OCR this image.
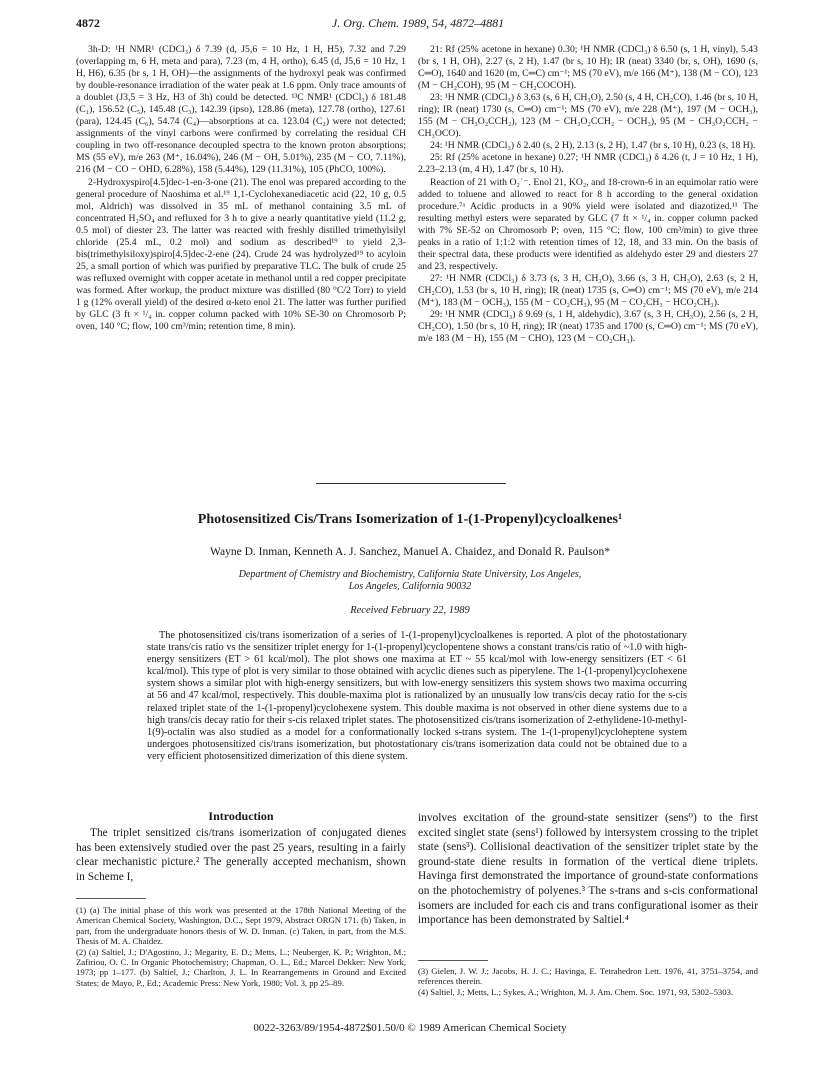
4872	J. Org. Chem. 1989, 54, 4872–4881

3h-D: ¹H NMR¹ (CDCl₃) δ 7.39 (d, J5,6 = 10 Hz, 1 H, H5), 7.32 and 7.29 (overlapping m, 6 H, meta and para), 7.23 (m, 4 H, ortho), 6.45 (d, J5,6 = 10 Hz, 1 H, H6), 6.35 (br s, 1 H, OH)—the assignments of the hydroxyl peak was confirmed by double-resonance irradiation of the water peak at 1.6 ppm. Only trace amounts of a doublet (J3,5 = 3 Hz, H3 of 3h) could be detected. ¹³C NMR¹ (CDCl₃) δ 181.48 (C₁), 156.52 (C₅), 145.48 (C₃), 142.39 (ipso), 128.86 (meta), 127.78 (ortho), 127.61 (para), 124.45 (C₆), 54.74 (C₄)—absorptions at ca. 123.04 (C₂) were not detected; assignments of the vinyl carbons were confirmed by correlating the residual CH coupling in two off-resonance decoupled spectra to the known proton absorptions; MS (55 eV), m/e 263 (M⁺, 16.04%), 246 (M − OH, 5.01%), 235 (M − CO, 7.11%), 216 (M − CO − OHD, 6.28%), 158 (5.44%), 129 (11.31%), 105 (PhCO, 100%).

2-Hydroxyspiro[4.5]dec-1-en-3-one (21). The enol was prepared according to the general procedure of Naoshima et al.¹⁹ 1,1-Cyclohexanediacetic acid (22, 10 g, 0.5 mol, Aldrich) was dissolved in 35 mL of methanol containing 3.5 mL of concentrated H₂SO₄ and refluxed for 3 h to give a nearly quantitative yield (11.2 g, 0.5 mol) of diester 23. The latter was reacted with freshly distilled trimethylsilyl chloride (25.4 mL, 0.2 mol) and sodium as described¹⁹ to yield 2,3-bis(trimethylsiloxy)spiro[4.5]dec-2-ene (24). Crude 24 was hydrolyzed¹⁹ to acyloin 25, a small portion of which was purified by preparative TLC. The bulk of crude 25 was refluxed overnight with copper acetate in methanol until a red copper precipitate was formed. After workup, the product mixture was distilled (80 °C/2 Torr) to yield 1 g (12% overall yield) of the desired α-keto enol 21. The latter was further purified by GLC (3 ft × ¹/₄ in. copper column packed with 10% SE-30 on Chromosorb P; oven, 140 °C; flow, 100 cm³/min; retention time, 8 min).

21: Rf (25% acetone in hexane) 0.30; ¹H NMR (CDCl₃) δ 6.50 (s, 1 H, vinyl), 5.43 (br s, 1 H, OH), 2.27 (s, 2 H), 1.47 (br s, 10 H); IR (neat) 3340 (br, s, OH), 1690 (s, C═O), 1640 and 1620 (m, C═C) cm⁻¹; MS (70 eV), m/e 166 (M⁺), 138 (M − CO), 123 (M − CH₂COH), 95 (M − CH₂COCOH).

23: ¹H NMR (CDCl₃) δ 3.63 (s, 6 H, CH₃O), 2.50 (s, 4 H, CH₂CO), 1.46 (br s, 10 H, ring); IR (neat) 1730 (s, C═O) cm⁻¹; MS (70 eV), m/e 228 (M⁺), 197 (M − OCH₃), 155 (M − CH₃O₂CCH₂), 123 (M − CH₃O₂CCH₂ − OCH₃), 95 (M − CH₃O₂CCH₂ − CH₃OCO).

24: ¹H NMR (CDCl₃) δ 2.40 (s, 2 H), 2.13 (s, 2 H), 1.47 (br s, 10 H), 0.23 (s, 18 H).

25: Rf (25% acetone in hexane) 0.27; ¹H NMR (CDCl₃) δ 4.26 (t, J = 10 Hz, 1 H), 2.23–2.13 (m, 4 H), 1.47 (br s, 10 H).

Reaction of 21 with O₂˙⁻. Enol 21, KO₂, and 18-crown-6 in an equimolar ratio were added to toluene and allowed to react for 8 h according to the general oxidation procedure.⁷ᵃ Acidic products in a 90% yield were isolated and diazotized.¹¹ The resulting methyl esters were separated by GLC (7 ft × ¹/₄ in. copper column packed with 7% SE-52 on Chromosorb P; oven, 115 °C; flow, 100 cm³/min) to give three peaks in a ratio of 1:1:2 with retention times of 12, 18, and 33 min. On the basis of their spectral data, these products were identified as aldehydo ester 29 and diesters 27 and 23, respectively.

27: ¹H NMR (CDCl₃) δ 3.73 (s, 3 H, CH₃O), 3.66 (s, 3 H, CH₃O), 2.63 (s, 2 H, CH₂CO), 1.53 (br s, 10 H, ring); IR (neat) 1735 (s, C═O) cm⁻¹; MS (70 eV), m/e 214 (M⁺), 183 (M − OCH₃), 155 (M − CO₂CH₃), 95 (M − CO₂CH₃ − HCO₂CH₃).

29: ¹H NMR (CDCl₃) δ 9.69 (s, 1 H, aldehydic), 3.67 (s, 3 H, CH₃O), 2.56 (s, 2 H, CH₂CO), 1.50 (br s, 10 H, ring); IR (neat) 1735 and 1700 (s, C═O) cm⁻¹; MS (70 eV), m/e 183 (M − H), 155 (M − CHO), 123 (M − CO₂CH₃).

Photosensitized Cis/Trans Isomerization of 1-(1-Propenyl)cycloalkenes¹
Wayne D. Inman, Kenneth A. J. Sanchez, Manuel A. Chaidez, and Donald R. Paulson*
Department of Chemistry and Biochemistry, California State University, Los Angeles,
Los Angeles, California 90032
Received February 22, 1989

The photosensitized cis/trans isomerization of a series of 1-(1-propenyl)cycloalkenes is reported. A plot of the photostationary state trans/cis ratio vs the sensitizer triplet energy for 1-(1-propenyl)cyclopentene shows a constant trans/cis ratio of ~1.0 with high-energy sensitizers (ET > 61 kcal/mol). The plot shows one maxima at ET ~ 55 kcal/mol with low-energy sensitizers (ET < 61 kcal/mol). This type of plot is very similar to those obtained with acyclic dienes such as piperylene. The 1-(1-propenyl)cyclohexene system shows a similar plot with high-energy sensitizers, but with low-energy sensitizers this system shows two maxima occurring at 56 and 47 kcal/mol, respectively. This double-maxima plot is rationalized by an unusually low trans/cis decay ratio for the s-cis relaxed triplet state of the 1-(1-propenyl)cyclohexene system. This double maxima is not observed in other diene systems due to a high trans/cis decay ratio for their s-cis relaxed triplet states. The photosensitized cis/trans isomerization of 2-ethylidene-10-methyl-1(9)-octalin was also studied as a model for a conformationally locked s-trans system. The 1-(1-propenyl)cycloheptene system undergoes photosensitized cis/trans isomerization, but photostationary cis/trans isomerization data could not be obtained due to a very efficient photosensitized dimerization of this diene system.

Introduction

The triplet sensitized cis/trans isomerization of conjugated dienes has been extensively studied over the past 25 years, resulting in a fairly clear mechanistic picture.² The generally accepted mechanism, shown in Scheme I,

involves excitation of the ground-state sensitizer (sens⁰) to the first excited singlet state (sens¹) followed by intersystem crossing to the triplet state (sens³). Collisional deactivation of the sensitizer triplet state by the ground-state diene results in formation of the vertical diene triplets. Havinga first demonstrated the importance of ground-state conformations on the photochemistry of polyenes.³ The s-trans and s-cis conformational isomers are included for each cis and trans configurational isomer as their importance has been demonstrated by Saltiel.⁴

(1) (a) The initial phase of this work was presented at the 178th National Meeting of the American Chemical Society, Washington, D.C., Sept 1979, Abstract ORGN 171. (b) Taken, in part, from the undergraduate honors thesis of W. D. Inman. (c) Taken, in part, from the M.S. Thesis of M. A. Chaidez.

(2) (a) Saltiel, J.; D'Agostino, J.; Megarity, E. D.; Metts, L.; Neuberger, K. P.; Wrighton, M.; Zafiriou, O. C. In Organic Photochemistry; Chapman, O. L., Ed.; Marcel Dekker: New York, 1973; pp 1–177. (b) Saltiel, J.; Charlton, J. L. In Rearrangements in Ground and Excited States; de Mayo, P., Ed.; Academic Press: New York, 1980; Vol. 3, pp 25–89.

(3) Gielen, J. W. J.; Jacobs, H. J. C.; Havinga, E. Tetrahedron Lett. 1976, 41, 3751–3754, and references therein.

(4) Saltiel, J.; Metts, L.; Sykes, A.; Wrighton, M. J. Am. Chem. Soc. 1971, 93, 5302–5303.

0022-3263/89/1954-4872$01.50/0 © 1989 American Chemical Society
